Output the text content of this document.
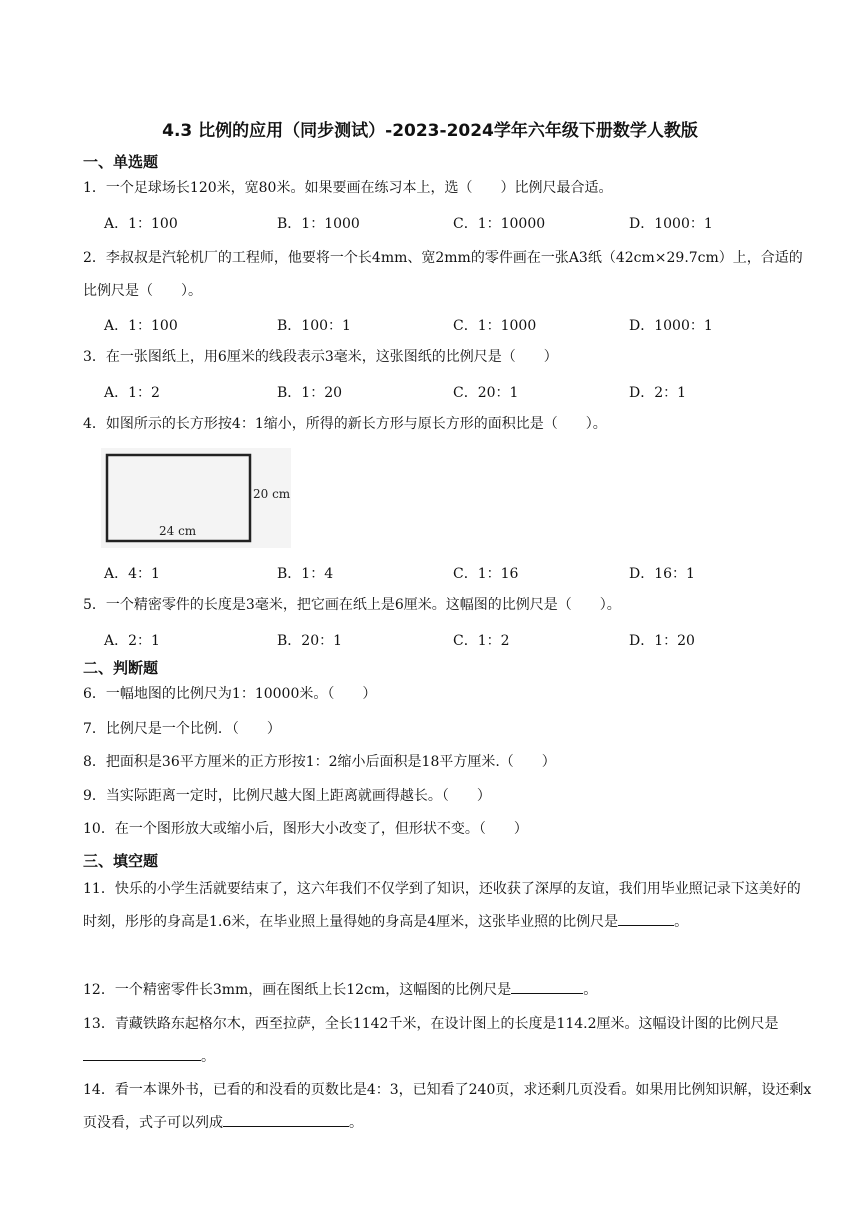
4.3 比例的应用（同步测试）-2023-2024学年六年级下册数学人教版
一、单选题
1．一个足球场长120米，宽80米。如果要画在练习本上，选（　　）比例尺最合适。
A．1：100	B．1：1000	C．1：10000	D．1000：1
2．李叔叔是汽轮机厂的工程师，他要将一个长4mm、宽2mm的零件画在一张A3纸（42cm×29.7cm）上，合适的比例尺是（　　）。
A．1：100	B．100：1	C．1：1000	D．1000：1
3．在一张图纸上，用6厘米的线段表示3毫米，这张图纸的比例尺是（　　）
A．1：2	B．1：20	C．20：1	D．2：1
4．如图所示的长方形按4：1缩小，所得的新长方形与原长方形的面积比是（　　）。
24 cm
20 cm
A．4：1	B．1：4	C．1：16	D．16：1
5．一个精密零件的长度是3毫米，把它画在纸上是6厘米。这幅图的比例尺是（　　）。
A．2：1	B．20：1	C．1：2	D．1：20
二、判断题
6．一幅地图的比例尺为1：10000米。（　　）
7．比例尺是一个比例．（　　）
8．把面积是36平方厘米的正方形按1：2缩小后面积是18平方厘米.（　　）
9．当实际距离一定时，比例尺越大图上距离就画得越长。（　　）
10．在一个图形放大或缩小后，图形大小改变了，但形状不变。（　　）
三、填空题
11．快乐的小学生活就要结束了，这六年我们不仅学到了知识，还收获了深厚的友谊，我们用毕业照记录下这美好的时刻，彤彤的身高是1.6米，在毕业照上量得她的身高是4厘米，这张毕业照的比例尺是	。
12．一个精密零件长3mm，画在图纸上长12cm，这幅图的比例尺是	。
13．青藏铁路东起格尔木，西至拉萨，全长1142千米，在设计图上的长度是114.2厘米。这幅设计图的比例尺是。
14．看一本课外书，已看的和没看的页数比是4：3，已知看了240页，求还剩几页没看。如果用比例知识解，设还剩x页没看，式子可以列成	。
